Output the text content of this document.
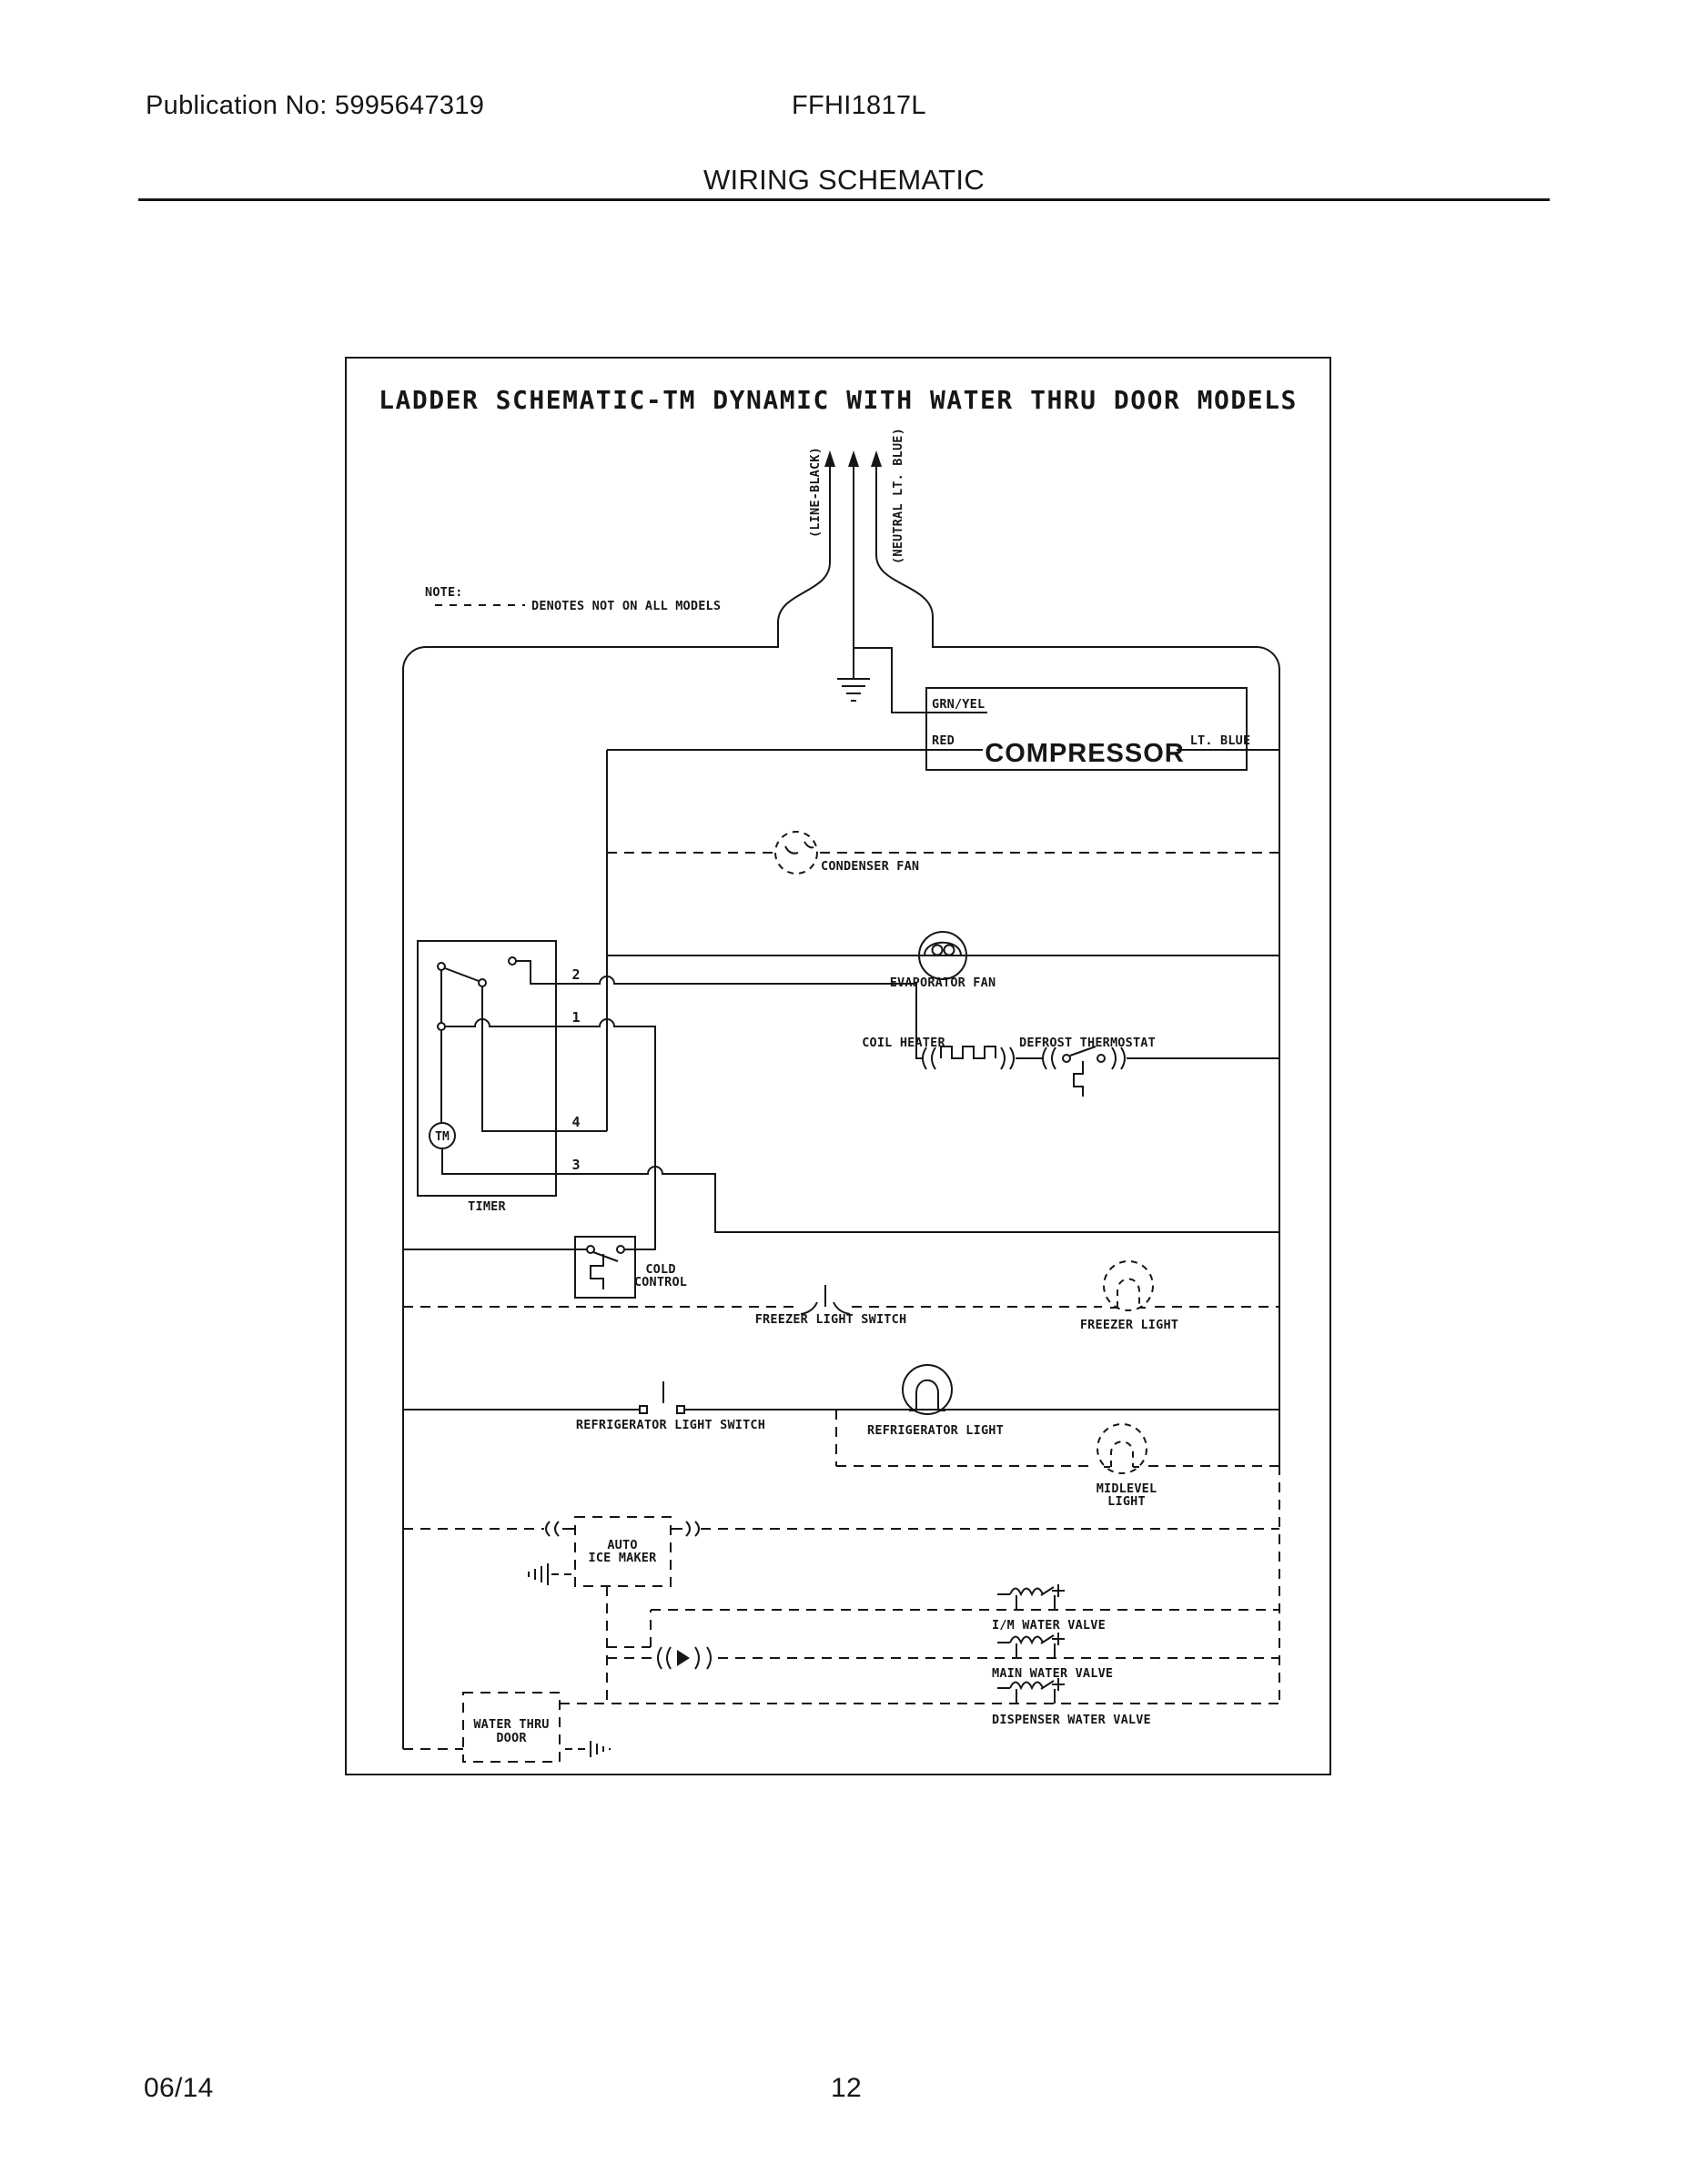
Publication No: 5995647319	FFHI1817L
WIRING SCHEMATIC
LADDER SCHEMATIC-TM DYNAMIC WITH WATER THRU DOOR MODELS
NOTE:
DENOTES NOT ON ALL MODELS
(LINE-BLACK)	(NEUTRAL LT. BLUE)
GRN/YEL
RED	LT. BLUE
COMPRESSOR
EVAPORATOR FAN
TM
2
1
4
3
TIMER
COIL HEATER	DEFROST THERMOSTAT
COLD
CONTROL
REFRIGERATOR LIGHT SWITCH	REFRIGERATOR LIGHT
CONDENSER FAN
FREEZER LIGHT SWITCH	FREEZER LIGHT
MIDLEVEL
LIGHT
AUTO
ICE MAKER
WATER THRU
DOOR
I/M WATER VALVE
MAIN WATER VALVE
DISPENSER WATER VALVE
06/14	12
